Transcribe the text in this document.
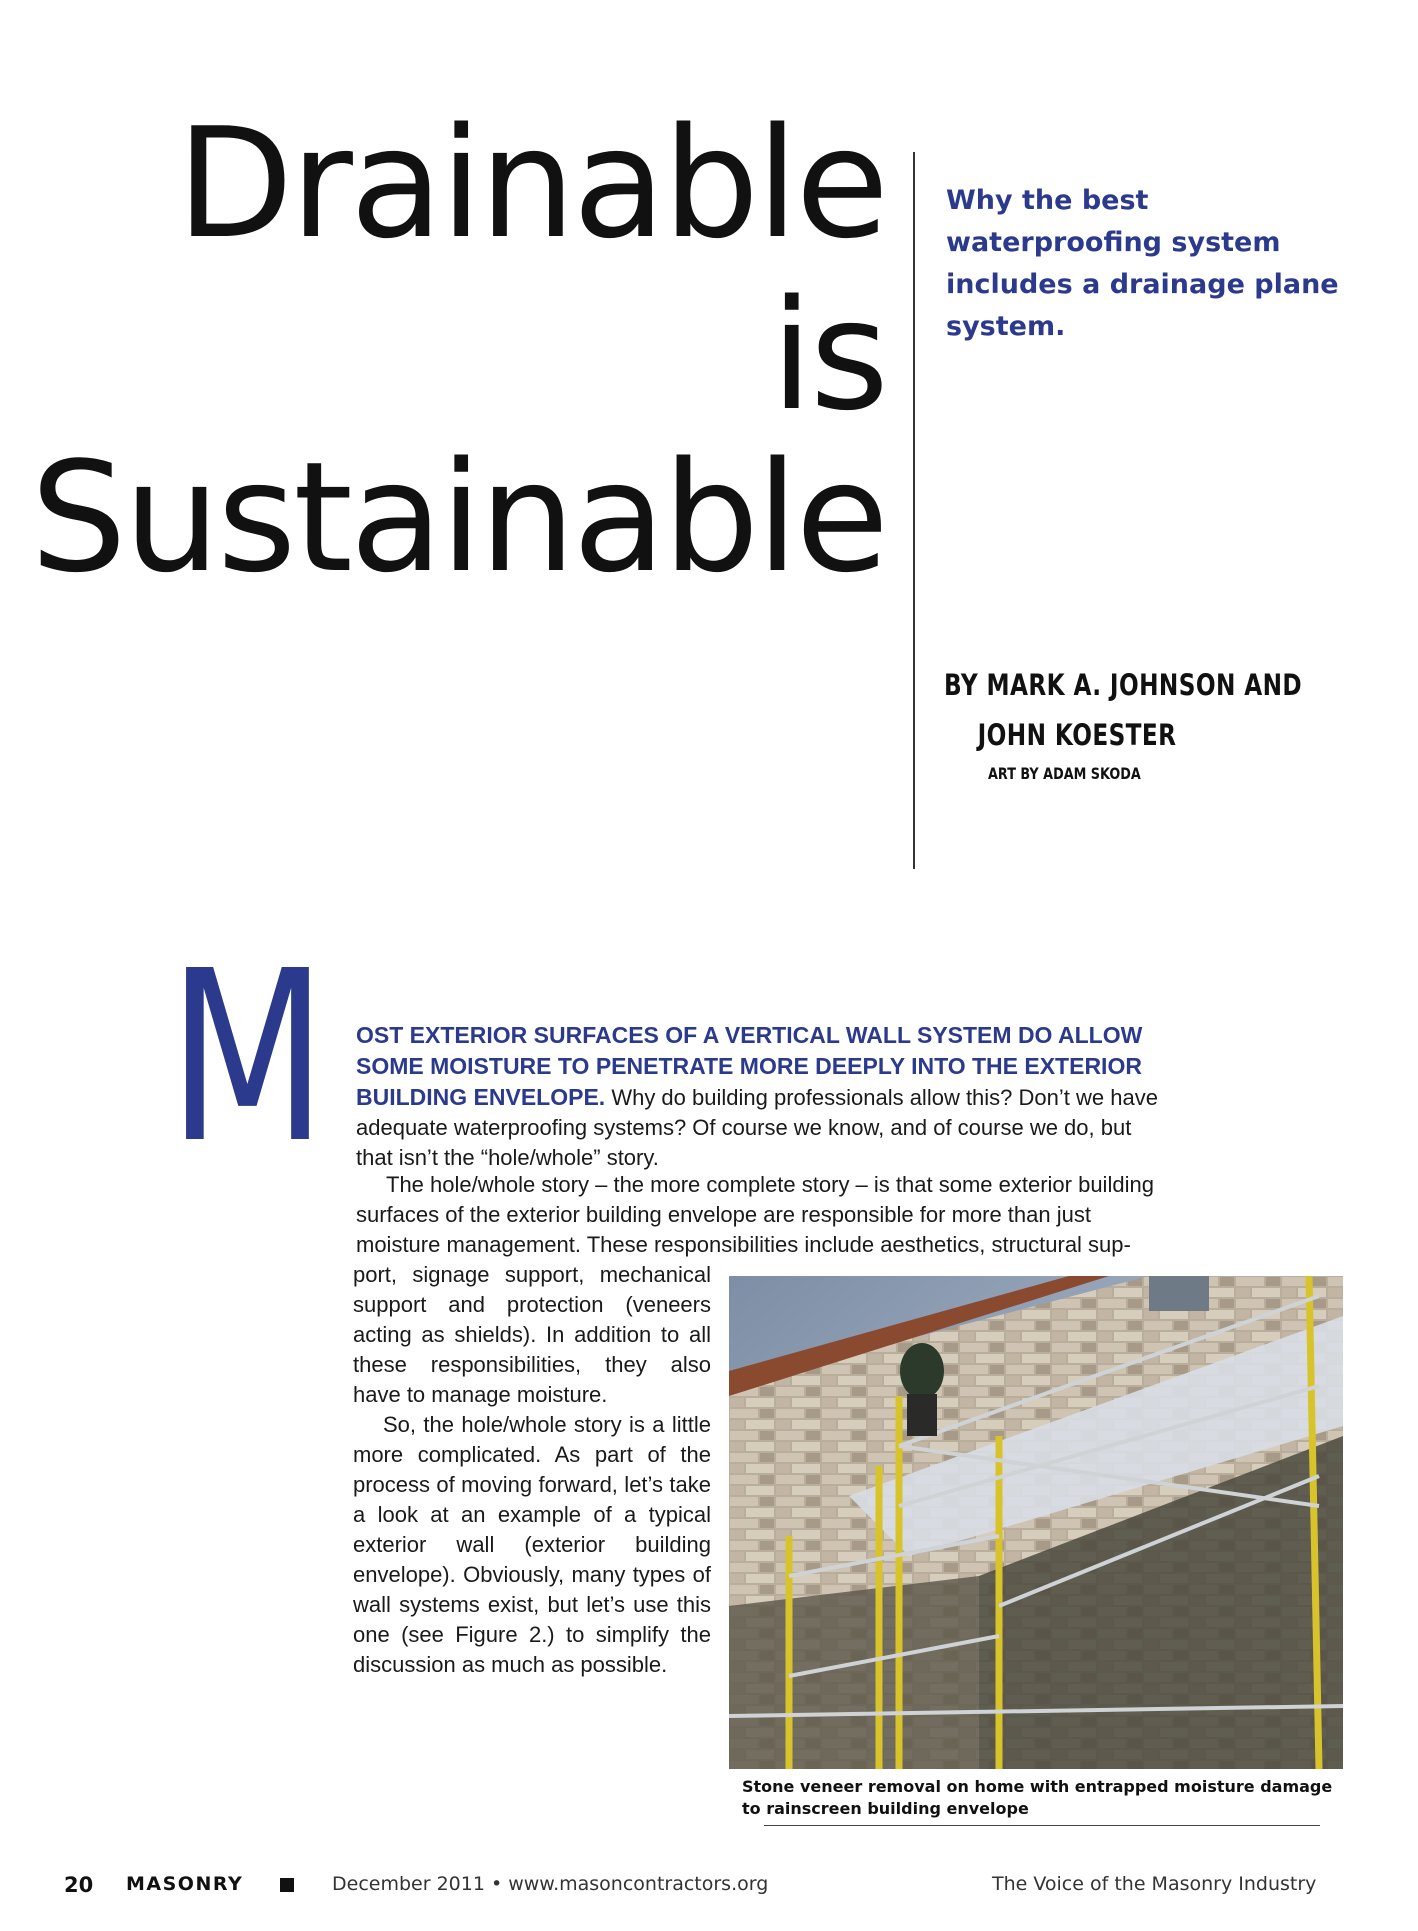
Drainable
is
Sustainable

Why the best waterproofing system includes a drainage plane system.

BY MARK A. JOHNSON AND
JOHN KOESTER

ART BY ADAM SKODA

M OST EXTERIOR SURFACES OF A VERTICAL WALL SYSTEM DO ALLOW SOME MOISTURE TO PENETRATE MORE DEEPLY INTO THE EXTERIOR BUILDING ENVELOPE. Why do building professionals allow this? Don’t we have adequate waterproofing systems? Of course we know, and of course we do, but that isn’t the “hole/whole” story.

The hole/whole story – the more complete story – is that some exterior building surfaces of the exterior building envelope are responsible for more than just moisture management. These responsibilities include aesthetics, structural sup-

port, signage support, mechanical support and protection (veneers acting as shields). In addition to all these responsibilities, they also have to manage moisture.

So, the hole/whole story is a little more complicated. As part of the process of moving forward, let’s take a look at an example of a typical exterior wall (exterior building envelope). Obviously, many types of wall systems exist, but let’s use this one (see Figure 2.) to simplify the discussion as much as possible.

Stone veneer removal on home with entrapped moisture damage to rainscreen building envelope

20 MASONRY	December 2011 • www.masoncontractors.org	The Voice of the Masonry Industry
